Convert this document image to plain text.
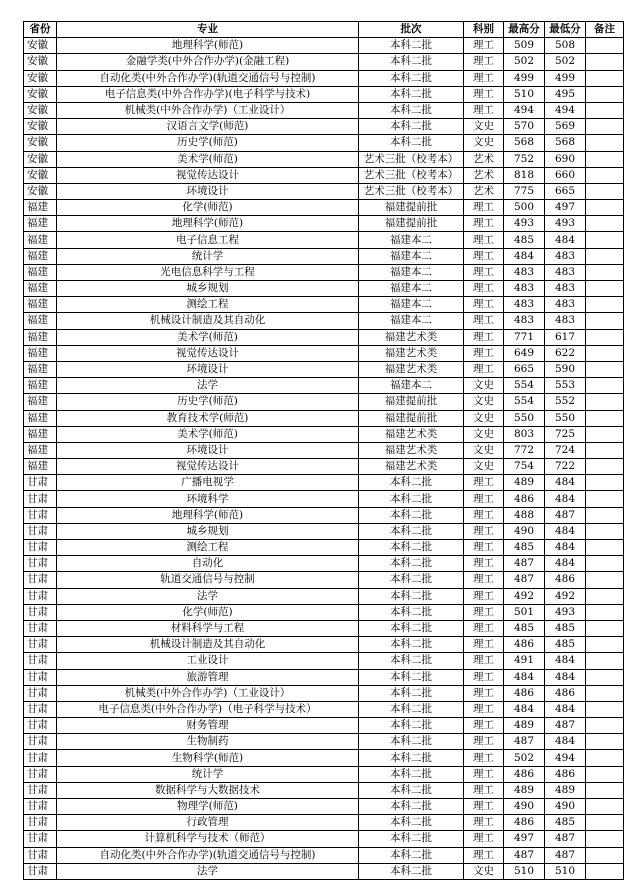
省份	专业	批次	科别	最高分	最低分	备注
安徽	地理科学(师范)	本科二批	理工	509	508	
安徽	金融学类(中外合作办学)(金融工程)	本科二批	理工	502	502	
安徽	自动化类(中外合作办学)(轨道交通信号与控制)	本科二批	理工	499	499	
安徽	电子信息类(中外合作办学)(电子科学与技术)	本科二批	理工	510	495	
安徽	机械类(中外合作办学)（工业设计）	本科二批	理工	494	494	
安徽	汉语言文学(师范)	本科二批	文史	570	569	
安徽	历史学(师范)	本科二批	文史	568	568	
安徽	美术学(师范)	艺术三批（校考本）	艺术	752	690	
安徽	视觉传达设计	艺术三批（校考本）	艺术	818	660	
安徽	环境设计	艺术三批（校考本）	艺术	775	665	
福建	化学(师范)	福建提前批	理工	500	497	
福建	地理科学(师范)	福建提前批	理工	493	493	
福建	电子信息工程	福建本二	理工	485	484	
福建	统计学	福建本二	理工	484	483	
福建	光电信息科学与工程	福建本二	理工	483	483	
福建	城乡规划	福建本二	理工	483	483	
福建	测绘工程	福建本二	理工	483	483	
福建	机械设计制造及其自动化	福建本二	理工	483	483	
福建	美术学(师范)	福建艺术类	理工	771	617	
福建	视觉传达设计	福建艺术类	理工	649	622	
福建	环境设计	福建艺术类	理工	665	590	
福建	法学	福建本二	文史	554	553	
福建	历史学(师范)	福建提前批	文史	554	552	
福建	教育技术学(师范)	福建提前批	文史	550	550	
福建	美术学(师范)	福建艺术类	文史	803	725	
福建	环境设计	福建艺术类	文史	772	724	
福建	视觉传达设计	福建艺术类	文史	754	722	
甘肃	广播电视学	本科二批	理工	489	484	
甘肃	环境科学	本科二批	理工	486	484	
甘肃	地理科学(师范)	本科二批	理工	488	487	
甘肃	城乡规划	本科二批	理工	490	484	
甘肃	测绘工程	本科二批	理工	485	484	
甘肃	自动化	本科二批	理工	487	484	
甘肃	轨道交通信号与控制	本科二批	理工	487	486	
甘肃	法学	本科二批	理工	492	492	
甘肃	化学(师范)	本科二批	理工	501	493	
甘肃	材料科学与工程	本科二批	理工	485	485	
甘肃	机械设计制造及其自动化	本科二批	理工	486	485	
甘肃	工业设计	本科二批	理工	491	484	
甘肃	旅游管理	本科二批	理工	484	484	
甘肃	机械类(中外合作办学)（工业设计）	本科二批	理工	486	486	
甘肃	电子信息类(中外合作办学)（电子科学与技术）	本科二批	理工	484	484	
甘肃	财务管理	本科二批	理工	489	487	
甘肃	生物制药	本科二批	理工	487	484	
甘肃	生物科学(师范)	本科二批	理工	502	494	
甘肃	统计学	本科二批	理工	486	486	
甘肃	数据科学与大数据技术	本科二批	理工	489	489	
甘肃	物理学(师范)	本科二批	理工	490	490	
甘肃	行政管理	本科二批	理工	486	485	
甘肃	计算机科学与技术（师范）	本科二批	理工	497	487	
甘肃	自动化类(中外合作办学)(轨道交通信号与控制)	本科二批	理工	487	487	
甘肃	法学	本科二批	文史	510	510	
